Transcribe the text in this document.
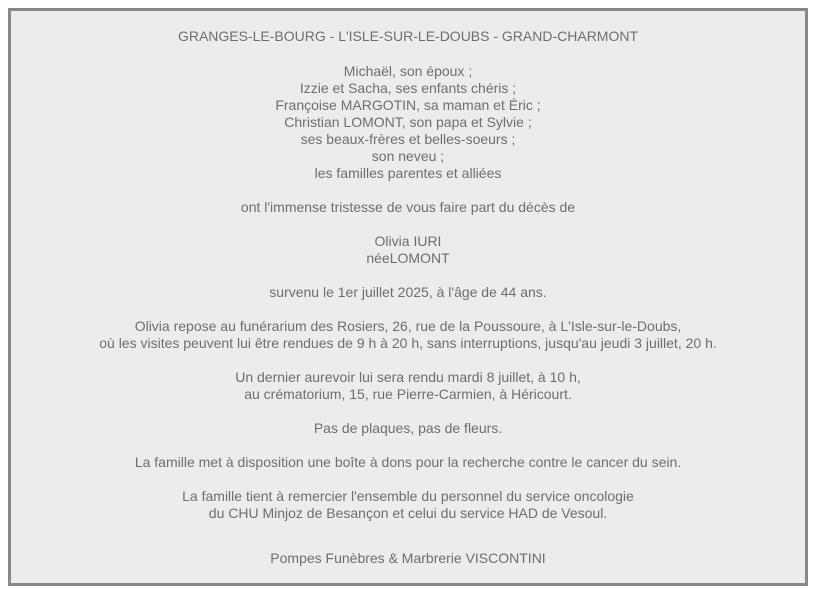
GRANGES-LE-BOURG - L'ISLE-SUR-LE-DOUBS - GRAND-CHARMONT
Michaël, son époux ;
Izzie et Sacha, ses enfants chéris ;
Françoise MARGOTIN, sa maman et Éric ;
Christian LOMONT, son papa et Sylvie ;
ses beaux-frères et belles-soeurs ;
son neveu ;
les familles parentes et alliées
ont l'immense tristesse de vous faire part du décès de
Olivia IURI
néeLOMONT
survenu le 1er juillet 2025, à l'âge de 44 ans.
Olivia repose au funérarium des Rosiers, 26, rue de la Poussoure, à L'Isle-sur-le-Doubs,
où les visites peuvent lui être rendues de 9 h à 20 h, sans interruptions, jusqu'au jeudi 3 juillet, 20 h.
Un dernier aurevoir lui sera rendu mardi 8 juillet, à 10 h,
au crématorium, 15, rue Pierre-Carmien, à Héricourt.
Pas de plaques, pas de fleurs.
La famille met à disposition une boîte à dons pour la recherche contre le cancer du sein.
La famille tient à remercier l'ensemble du personnel du service oncologie
du CHU Minjoz de Besançon et celui du service HAD de Vesoul.
Pompes Funèbres & Marbrerie VISCONTINI
